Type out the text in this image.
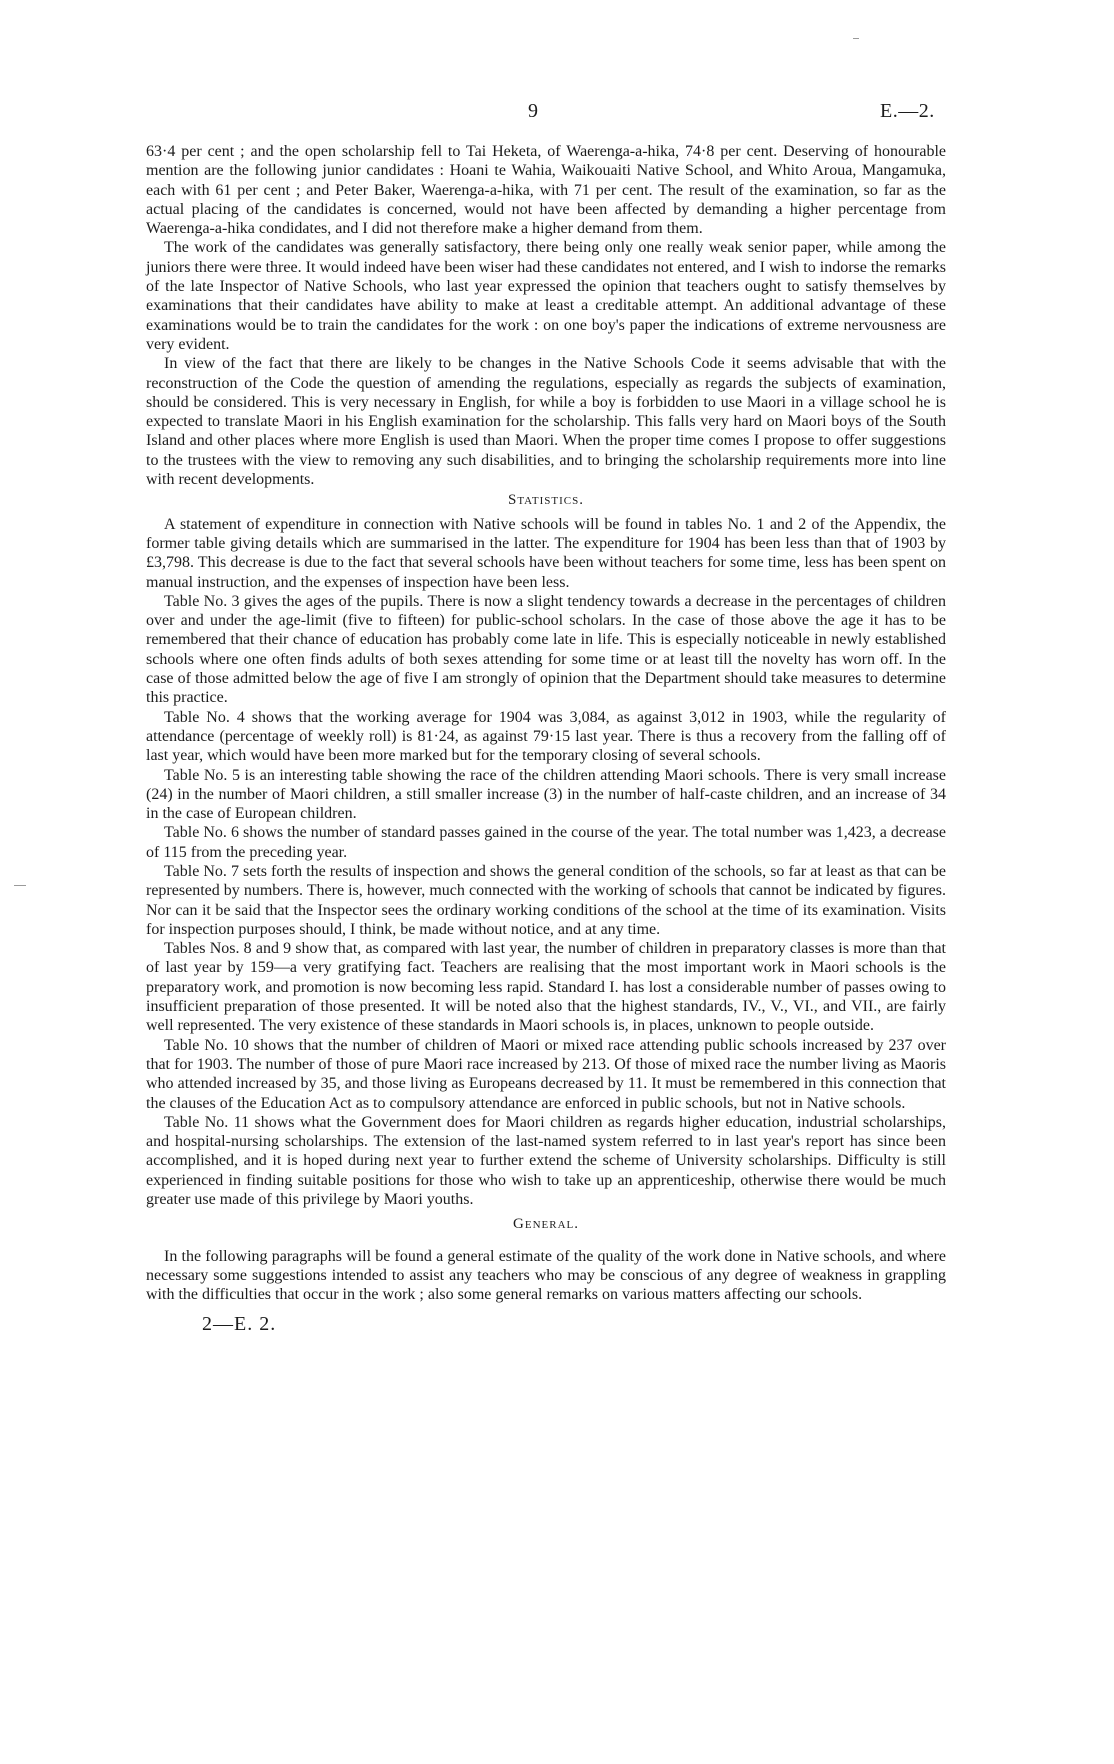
9	E.—2.

63·4 per cent ; and the open scholarship fell to Tai Heketa, of Waerenga-a-hika, 74·8 per cent. Deserving of honourable mention are the following junior candidates : Hoani te Wahia, Waikouaiti Native School, and Whito Aroua, Mangamuka, each with 61 per cent ; and Peter Baker, Waerenga-a-hika, with 71 per cent. The result of the examination, so far as the actual placing of the candidates is concerned, would not have been affected by demanding a higher percentage from Waerenga-a-hika condidates, and I did not therefore make a higher demand from them.

The work of the candidates was generally satisfactory, there being only one really weak senior paper, while among the juniors there were three. It would indeed have been wiser had these candidates not entered, and I wish to indorse the remarks of the late Inspector of Native Schools, who last year expressed the opinion that teachers ought to satisfy themselves by examinations that their candidates have ability to make at least a creditable attempt. An additional advantage of these examinations would be to train the candidates for the work : on one boy's paper the indications of extreme nervousness are very evident.

In view of the fact that there are likely to be changes in the Native Schools Code it seems advisable that with the reconstruction of the Code the question of amending the regulations, especially as regards the subjects of examination, should be considered. This is very necessary in English, for while a boy is forbidden to use Maori in a village school he is expected to translate Maori in his English examination for the scholarship. This falls very hard on Maori boys of the South Island and other places where more English is used than Maori. When the proper time comes I propose to offer suggestions to the trustees with the view to removing any such disabilities, and to bringing the scholarship requirements more into line with recent developments.

Statistics.

A statement of expenditure in connection with Native schools will be found in tables No. 1 and 2 of the Appendix, the former table giving details which are summarised in the latter. The expenditure for 1904 has been less than that of 1903 by £3,798. This decrease is due to the fact that several schools have been without teachers for some time, less has been spent on manual instruction, and the expenses of inspection have been less.

Table No. 3 gives the ages of the pupils. There is now a slight tendency towards a decrease in the percentages of children over and under the age-limit (five to fifteen) for public-school scholars. In the case of those above the age it has to be remembered that their chance of education has probably come late in life. This is especially noticeable in newly established schools where one often finds adults of both sexes attending for some time or at least till the novelty has worn off. In the case of those admitted below the age of five I am strongly of opinion that the Department should take measures to determine this practice.

Table No. 4 shows that the working average for 1904 was 3,084, as against 3,012 in 1903, while the regularity of attendance (percentage of weekly roll) is 81·24, as against 79·15 last year. There is thus a recovery from the falling off of last year, which would have been more marked but for the temporary closing of several schools.

Table No. 5 is an interesting table showing the race of the children attending Maori schools. There is very small increase (24) in the number of Maori children, a still smaller increase (3) in the number of half-caste children, and an increase of 34 in the case of European children.

Table No. 6 shows the number of standard passes gained in the course of the year. The total number was 1,423, a decrease of 115 from the preceding year.

Table No. 7 sets forth the results of inspection and shows the general condition of the schools, so far at least as that can be represented by numbers. There is, however, much connected with the working of schools that cannot be indicated by figures. Nor can it be said that the Inspector sees the ordinary working conditions of the school at the time of its examination. Visits for inspection purposes should, I think, be made without notice, and at any time.

Tables Nos. 8 and 9 show that, as compared with last year, the number of children in preparatory classes is more than that of last year by 159—a very gratifying fact. Teachers are realising that the most important work in Maori schools is the preparatory work, and promotion is now becoming less rapid. Standard I. has lost a considerable number of passes owing to insufficient preparation of those presented. It will be noted also that the highest standards, IV., V., VI., and VII., are fairly well represented. The very existence of these standards in Maori schools is, in places, unknown to people outside.

Table No. 10 shows that the number of children of Maori or mixed race attending public schools increased by 237 over that for 1903. The number of those of pure Maori race increased by 213. Of those of mixed race the number living as Maoris who attended increased by 35, and those living as Europeans decreased by 11. It must be remembered in this connection that the clauses of the Education Act as to compulsory attendance are enforced in public schools, but not in Native schools.

Table No. 11 shows what the Government does for Maori children as regards higher education, industrial scholarships, and hospital-nursing scholarships. The extension of the last-named system referred to in last year's report has since been accomplished, and it is hoped during next year to further extend the scheme of University scholarships. Difficulty is still experienced in finding suitable positions for those who wish to take up an apprenticeship, otherwise there would be much greater use made of this privilege by Maori youths.

General.

In the following paragraphs will be found a general estimate of the quality of the work done in Native schools, and where necessary some suggestions intended to assist any teachers who may be conscious of any degree of weakness in grappling with the difficulties that occur in the work ; also some general remarks on various matters affecting our schools.

2—E. 2.
